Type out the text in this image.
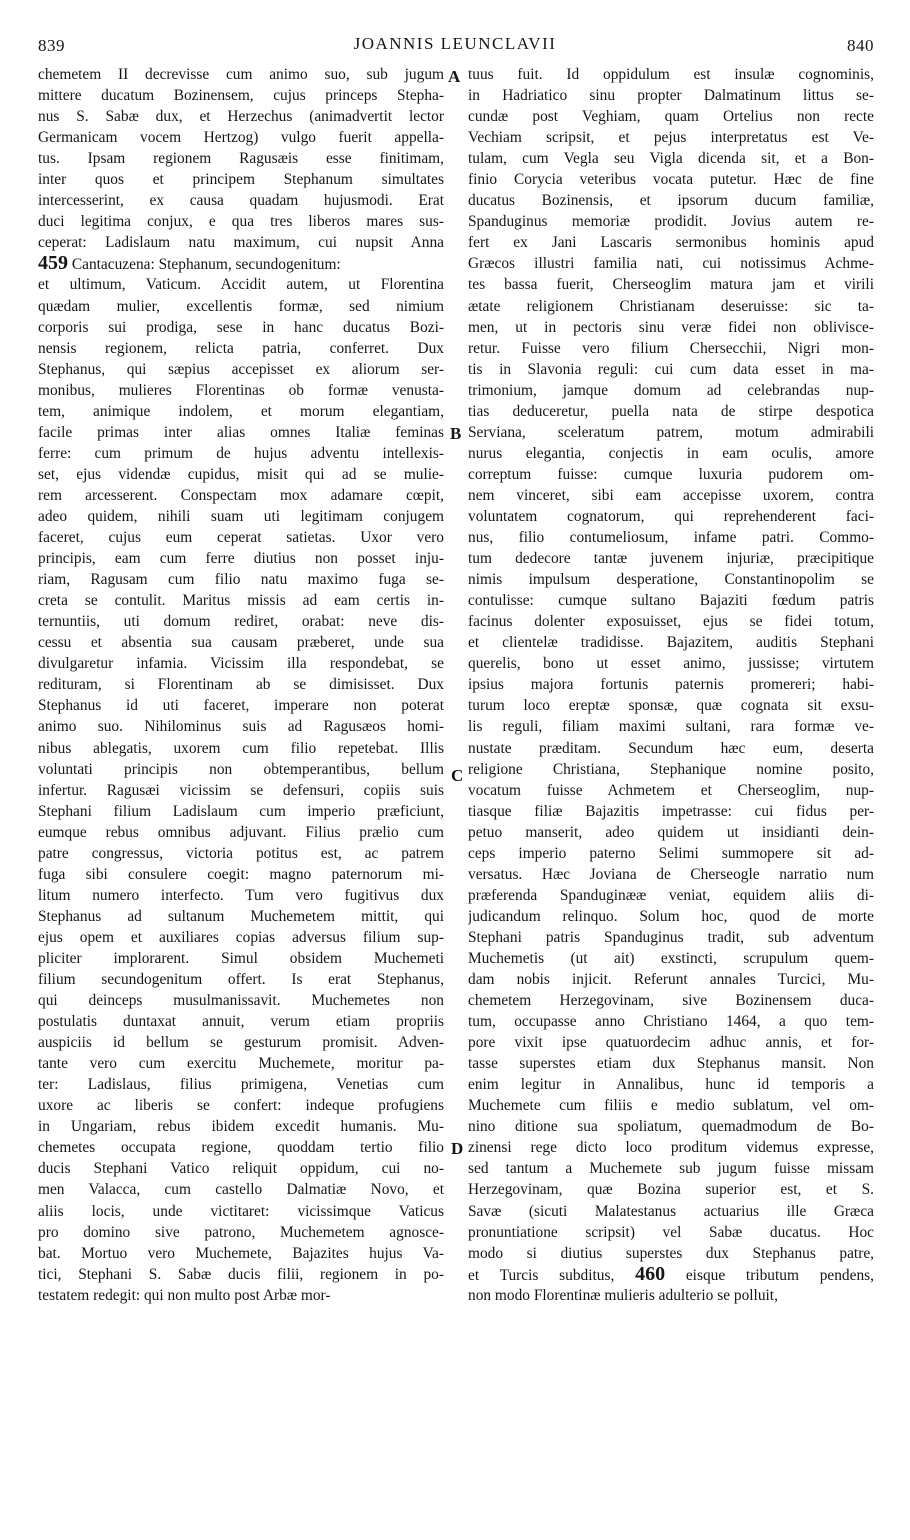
839	JOANNIS LEUNCLAVII	840
chemetem II decrevisse cum animo suo, sub jugum
mittere ducatum Bozinensem, cujus princeps Stepha-
nus S. Sabæ dux, et Herzechus (animadvertit lector
Germanicam vocem Hertzog) vulgo fuerit appella-
tus. Ipsam regionem Ragusæis esse finitimam,
inter quos et principem Stephanum simultates
intercesserint, ex causa quadam hujusmodi. Erat
duci legitima conjux, e qua tres liberos mares sus-
ceperat: Ladislaum natu maximum, cui nupsit Anna
459 Cantacuzena: Stephanum, secundogenitum:
et ultimum, Vaticum. Accidit autem, ut Florentina
quædam mulier, excellentis formæ, sed nimium
corporis sui prodiga, sese in hanc ducatus Bozi-
nensis regionem, relicta patria, conferret. Dux
Stephanus, qui sæpius accepisset ex aliorum ser-
monibus, mulieres Florentinas ob formæ venusta-
tem, animique indolem, et morum elegantiam,
facile primas inter alias omnes Italiæ feminas
ferre: cum primum de hujus adventu intellexis-
set, ejus videndæ cupidus, misit qui ad se mulie-
rem arcesserent. Conspectam mox adamare cœpit,
adeo quidem, nihili suam uti legitimam conjugem
faceret, cujus eum ceperat satietas. Uxor vero
principis, eam cum ferre diutius non posset inju-
riam, Ragusam cum filio natu maximo fuga se-
creta se contulit. Maritus missis ad eam certis in-
ternuntiis, uti domum rediret, orabat: neve dis-
cessu et absentia sua causam præberet, unde sua
divulgaretur infamia. Vicissim illa respondebat, se
redituram, si Florentinam ab se dimisisset. Dux
Stephanus id uti faceret, imperare non poterat
animo suo. Nihilominus suis ad Ragusæos homi-
nibus ablegatis, uxorem cum filio repetebat. Illis
voluntati principis non obtemperantibus, bellum
infertur. Ragusæi vicissim se defensuri, copiis suis
Stephani filium Ladislaum cum imperio præficiunt,
eumque rebus omnibus adjuvant. Filius prælio cum
patre congressus, victoria potitus est, ac patrem
fuga sibi consulere coegit: magno paternorum mi-
litum numero interfecto. Tum vero fugitivus dux
Stephanus ad sultanum Muchemetem mittit, qui
ejus opem et auxiliares copias adversus filium sup-
pliciter implorarent. Simul obsidem Muchemeti
filium secundogenitum offert. Is erat Stephanus,
qui deinceps musulmanissavit. Muchemetes non
postulatis duntaxat annuit, verum etiam propriis
auspiciis id bellum se gesturum promisit. Adven-
tante vero cum exercitu Muchemete, moritur pa-
ter: Ladislaus, filius primigena, Venetias cum
uxore ac liberis se confert: indeque profugiens
in Ungariam, rebus ibidem excedit humanis. Mu-
chemetes occupata regione, quoddam tertio filio
ducis Stephani Vatico reliquit oppidum, cui no-
men Valacca, cum castello Dalmatiæ Novo, et
aliis locis, unde victitaret: vicissimque Vaticus
pro domino sive patrono, Muchemetem agnosce-
bat. Mortuo vero Muchemete, Bajazites hujus Va-
tici, Stephani S. Sabæ ducis filii, regionem in po-
testatem redegit: qui non multo post Arbæ mor-
tuus fuit. Id oppidulum est insulæ cognominis,
in Hadriatico sinu propter Dalmatinum littus se-
cundæ post Veghiam, quam Ortelius non recte
Vechiam scripsit, et pejus interpretatus est Ve-
tulam, cum Vegla seu Vigla dicenda sit, et a Bon-
finio Corycia veteribus vocata putetur. Hæc de fine
ducatus Bozinensis, et ipsorum ducum familiæ,
Spanduginus memoriæ prodidit. Jovius autem re-
fert ex Jani Lascaris sermonibus hominis apud
Græcos illustri familia nati, cui notissimus Achme-
tes bassa fuerit, Cherseoglim matura jam et virili
ætate religionem Christianam deseruisse: sic ta-
men, ut in pectoris sinu veræ fidei non oblivisce-
retur. Fuisse vero filium Chersecchii, Nigri mon-
tis in Slavonia reguli: cui cum data esset in ma-
trimonium, jamque domum ad celebrandas nup-
tias deduceretur, puella nata de stirpe despotica
Serviana, sceleratum patrem, motum admirabili
nurus elegantia, conjectis in eam oculis, amore
correptum fuisse: cumque luxuria pudorem om-
nem vinceret, sibi eam accepisse uxorem, contra
voluntatem cognatorum, qui reprehenderent faci-
nus, filio contumeliosum, infame patri. Commo-
tum dedecore tantæ juvenem injuriæ, præcipitique
nimis impulsum desperatione, Constantinopolim se
contulisse: cumque sultano Bajaziti fœdum patris
facinus dolenter exposuisset, ejus se fidei totum,
et clientelæ tradidisse. Bajazitem, auditis Stephani
querelis, bono ut esset animo, jussisse; virtutem
ipsius majora fortunis paternis promereri; habi-
turum loco ereptæ sponsæ, quæ cognata sit exsu-
lis reguli, filiam maximi sultani, rara formæ ve-
nustate præditam. Secundum hæc eum, deserta
religione Christiana, Stephanique nomine posito,
vocatum fuisse Achmetem et Cherseoglim, nup-
tiasque filiæ Bajazitis impetrasse: cui fidus per-
petuo manserit, adeo quidem ut insidianti dein-
ceps imperio paterno Selimi summopere sit ad-
versatus. Hæc Joviana de Cherseogle narratio num
præferenda Spanduginææ veniat, equidem aliis di-
judicandum relinquo. Solum hoc, quod de morte
Stephani patris Spanduginus tradit, sub adventum
Muchemetis (ut ait) exstincti, scrupulum quem-
dam nobis injicit. Referunt annales Turcici, Mu-
chemetem Herzegovinam, sive Bozinensem duca-
tum, occupasse anno Christiano 1464, a quo tem-
pore vixit ipse quatuordecim adhuc annis, et for-
tasse superstes etiam dux Stephanus mansit. Non
enim legitur in Annalibus, hunc id temporis a
Muchemete cum filiis e medio sublatum, vel om-
nino ditione sua spoliatum, quemadmodum de Bo-
zinensi rege dicto loco proditum videmus expresse,
sed tantum a Muchemete sub jugum fuisse missam
Herzegovinam, quæ Bozina superior est, et S.
Savæ (sicuti Malatestanus actuarius ille Græca
pronuntiatione scripsit) vel Sabæ ducatus. Hoc
modo si diutius superstes dux Stephanus patre,
et Turcis subditus, 460 eisque tributum pendens,
non modo Florentinæ mulieris adulterio se polluit,
A
B
C
D
